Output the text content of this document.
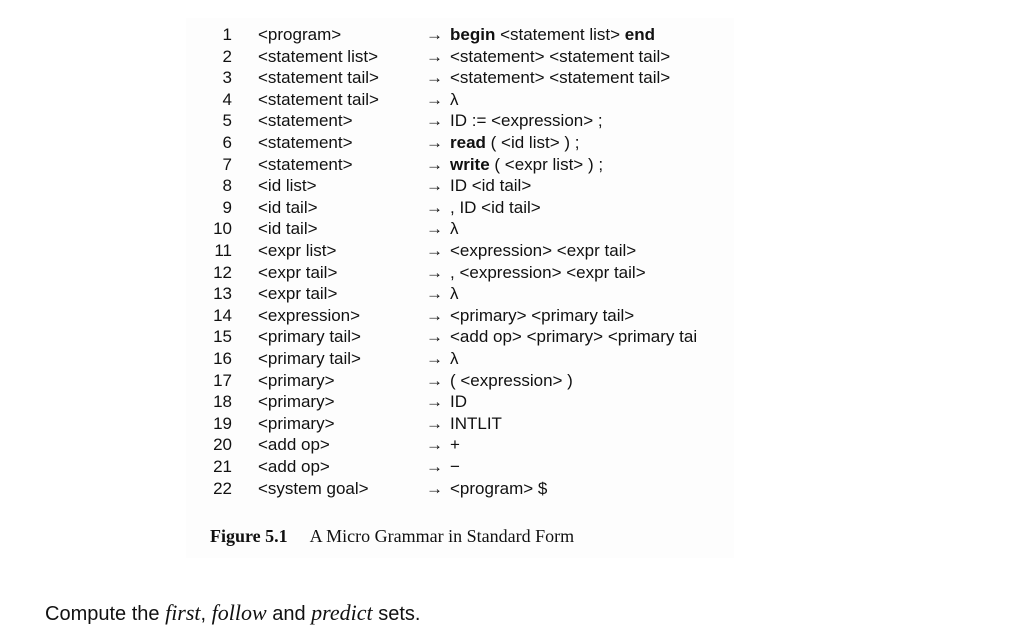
1 <program>	→ begin <statement list> end
2 <statement list>	→ <statement> <statement tail>
3 <statement tail>	→ <statement> <statement tail>
4 <statement tail>	→ λ
5 <statement>	→ ID := <expression> ;
6 <statement>	→ read ( <id list> ) ;
7 <statement>	→ write ( <expr list> ) ;
8 <id list>	→ ID <id tail>
9 <id tail>	→ , ID <id tail>
10 <id tail>	→ λ
11 <expr list>	→ <expression> <expr tail>
12 <expr tail>	→ , <expression> <expr tail>
13 <expr tail>	→ λ
14 <expression>	→ <primary> <primary tail>
15 <primary tail>	→ <add op> <primary> <primary tai
16 <primary tail>	→ λ
17 <primary>	→ ( <expression> )
18 <primary>	→ ID
19 <primary>	→ INTLIT
20 <add op>	→ +
21 <add op>	→ −
22 <system goal>	→ <program> $
Figure 5.1 A Micro Grammar in Standard Form
Compute the first, follow and predict sets.
